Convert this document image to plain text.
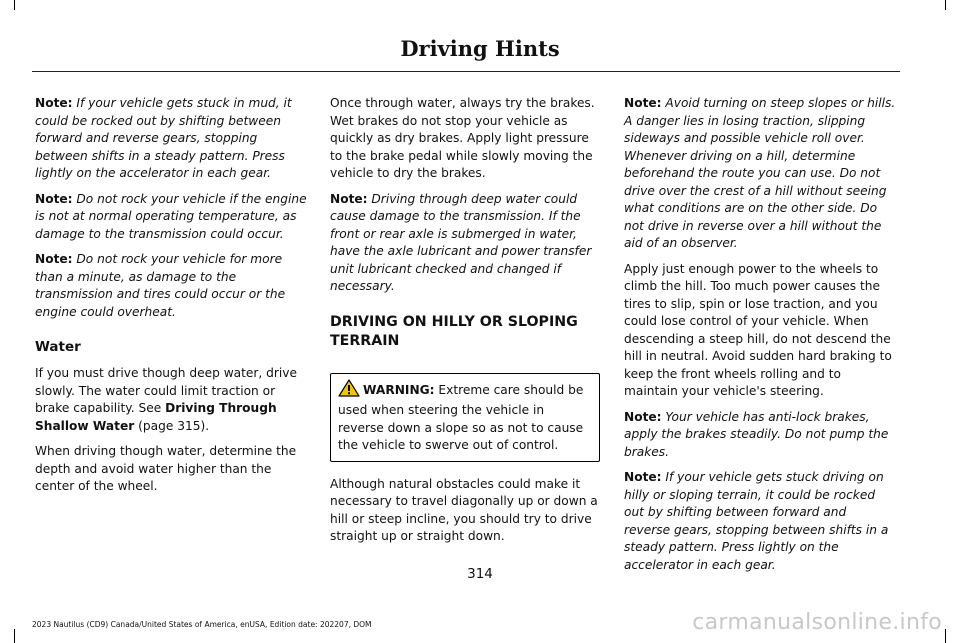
Driving Hints

Note: If your vehicle gets stuck in mud, it could be rocked out by shifting between forward and reverse gears, stopping between shifts in a steady pattern. Press lightly on the accelerator in each gear.

Note: Do not rock your vehicle if the engine is not at normal operating temperature, as damage to the transmission could occur.

Note: Do not rock your vehicle for more than a minute, as damage to the transmission and tires could occur or the engine could overheat.

Water

If you must drive though deep water, drive slowly. The water could limit traction or brake capability. See Driving Through Shallow Water (page 315).

When driving though water, determine the depth and avoid water higher than the center of the wheel.

Once through water, always try the brakes. Wet brakes do not stop your vehicle as quickly as dry brakes. Apply light pressure to the brake pedal while slowly moving the vehicle to dry the brakes.

Note: Driving through deep water could cause damage to the transmission. If the front or rear axle is submerged in water, have the axle lubricant and power transfer unit lubricant checked and changed if necessary.

DRIVING ON HILLY OR SLOPING TERRAIN
WARNING: Extreme care should be used when steering the vehicle in reverse down a slope so as not to cause the vehicle to swerve out of control.

Although natural obstacles could make it necessary to travel diagonally up or down a hill or steep incline, you should try to drive straight up or straight down.

Note: Avoid turning on steep slopes or hills. A danger lies in losing traction, slipping sideways and possible vehicle roll over. Whenever driving on a hill, determine beforehand the route you can use. Do not drive over the crest of a hill without seeing what conditions are on the other side. Do not drive in reverse over a hill without the aid of an observer.

Apply just enough power to the wheels to climb the hill. Too much power causes the tires to slip, spin or lose traction, and you could lose control of your vehicle. When descending a steep hill, do not descend the hill in neutral. Avoid sudden hard braking to keep the front wheels rolling and to maintain your vehicle's steering.

Note: Your vehicle has anti-lock brakes, apply the brakes steadily. Do not pump the brakes.

Note: If your vehicle gets stuck driving on hilly or sloping terrain, it could be rocked out by shifting between forward and reverse gears, stopping between shifts in a steady pattern. Press lightly on the accelerator in each gear.

314

2023 Nautilus (CD9) Canada/United States of America, enUSA, Edition date: 202207, DOM	carmanualsonline.info
